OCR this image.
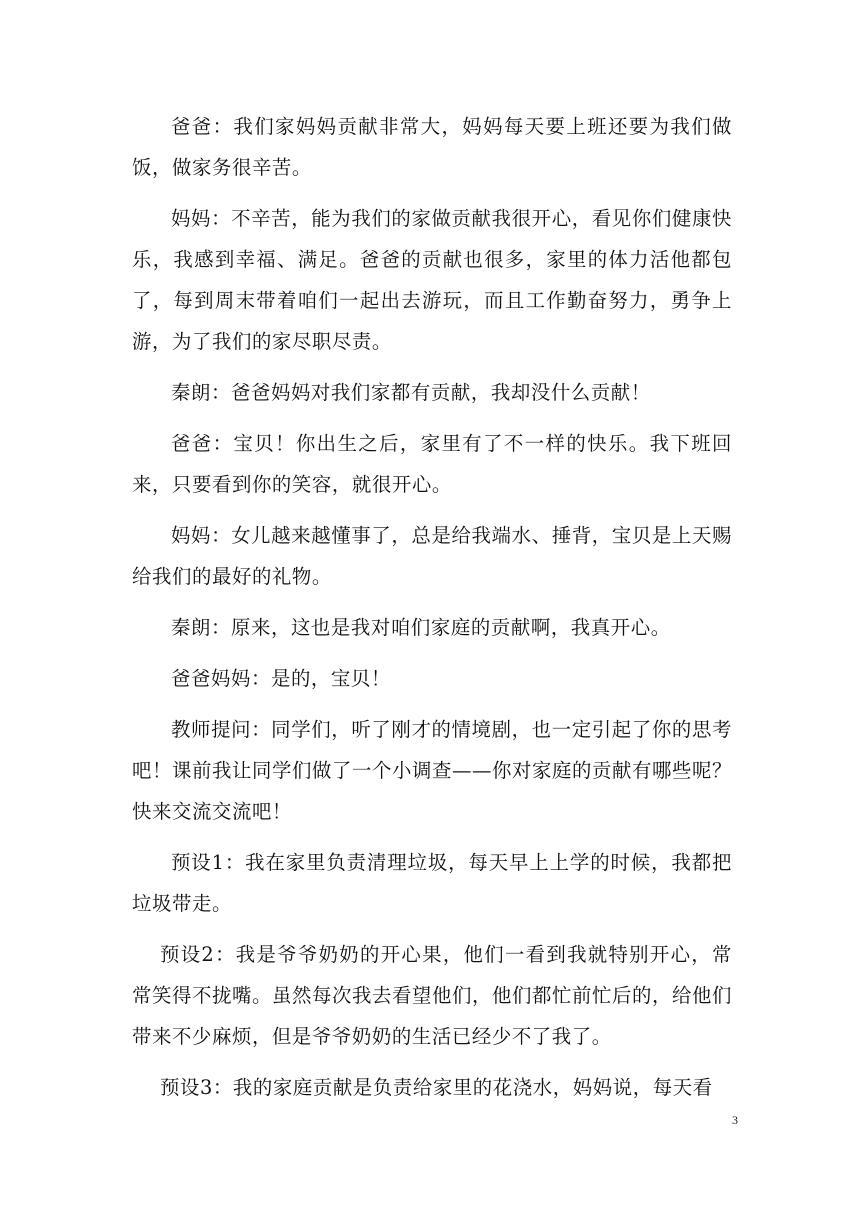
爸爸：我们家妈妈贡献非常大，妈妈每天要上班还要为我们做饭，做家务很辛苦。

妈妈：不辛苦，能为我们的家做贡献我很开心，看见你们健康快乐，我感到幸福、满足。爸爸的贡献也很多，家里的体力活他都包了，每到周末带着咱们一起出去游玩，而且工作勤奋努力，勇争上游，为了我们的家尽职尽责。

秦朗：爸爸妈妈对我们家都有贡献，我却没什么贡献！

爸爸：宝贝！你出生之后，家里有了不一样的快乐。我下班回来，只要看到你的笑容，就很开心。

妈妈：女儿越来越懂事了，总是给我端水、捶背，宝贝是上天赐给我们的最好的礼物。

秦朗：原来，这也是我对咱们家庭的贡献啊，我真开心。

爸爸妈妈：是的，宝贝！

教师提问：同学们，听了刚才的情境剧，也一定引起了你的思考吧！课前我让同学们做了一个小调查——你对家庭的贡献有哪些呢？快来交流交流吧！

预设1：我在家里负责清理垃圾，每天早上上学的时候，我都把垃圾带走。

预设2：我是爷爷奶奶的开心果，他们一看到我就特别开心，常常笑得不拢嘴。虽然每次我去看望他们，他们都忙前忙后的，给他们带来不少麻烦，但是爷爷奶奶的生活已经少不了我了。

预设3：我的家庭贡献是负责给家里的花浇水，妈妈说，每天看

3
